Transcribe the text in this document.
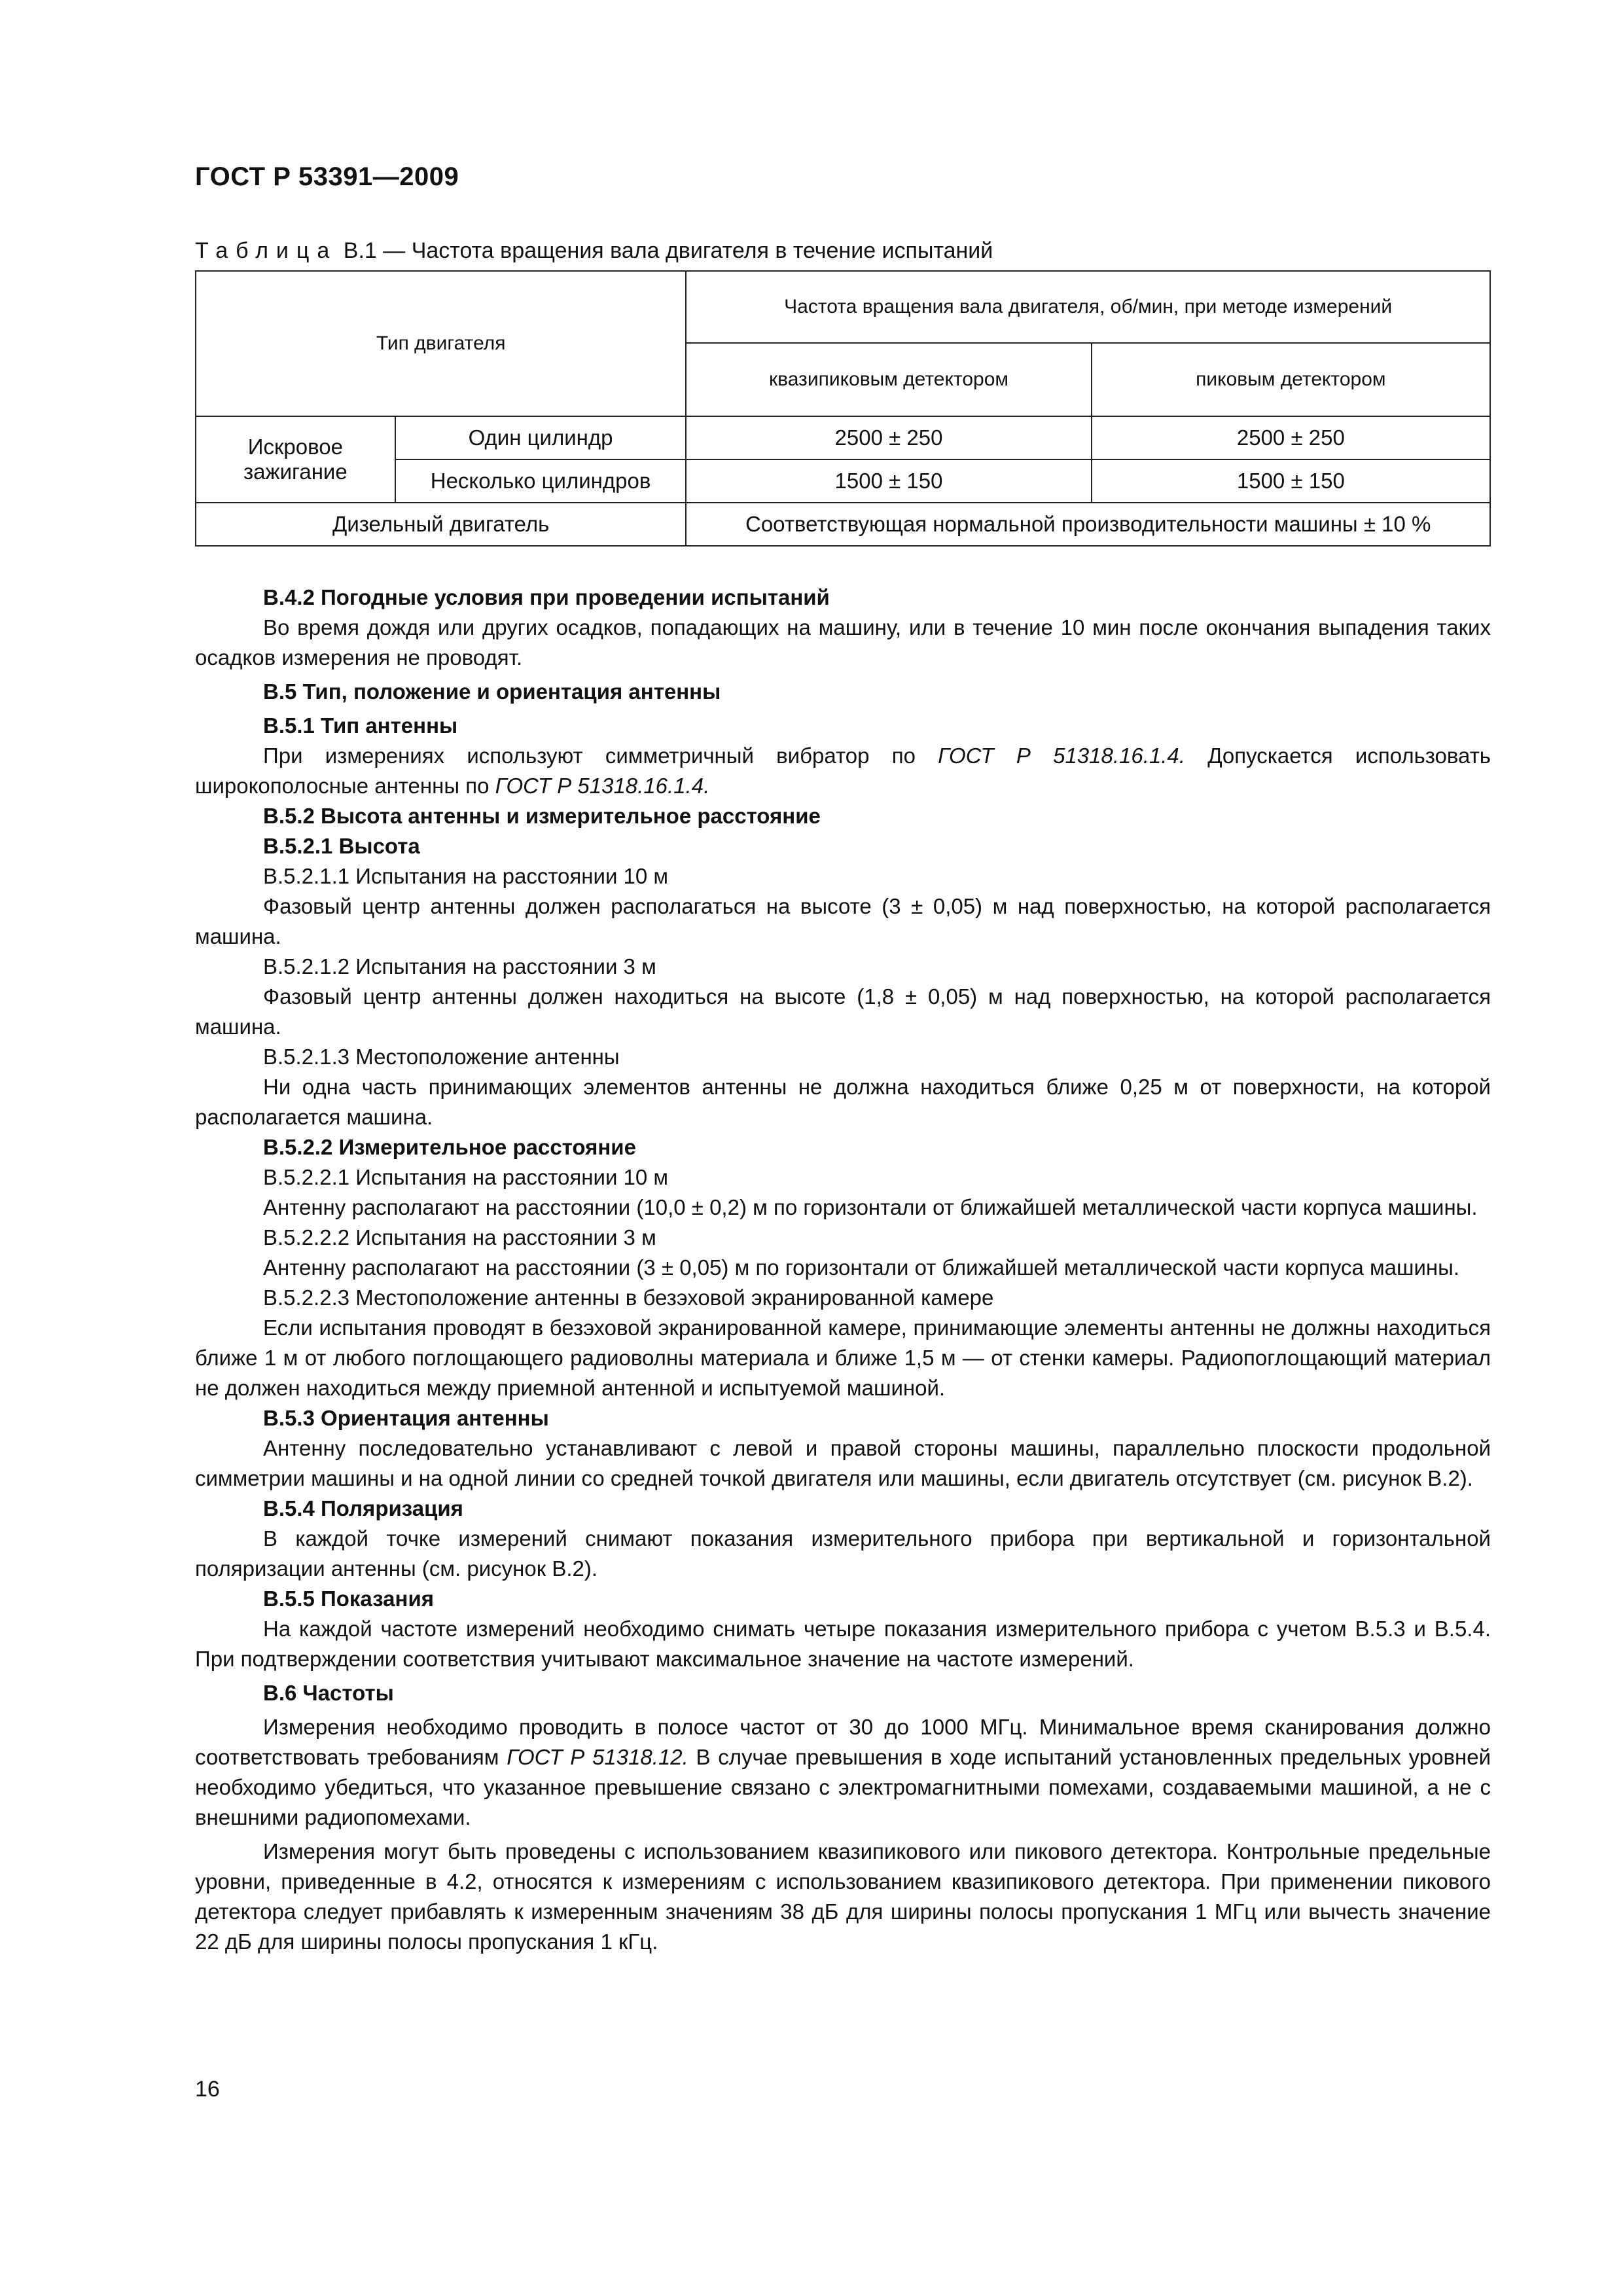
ГОСТ Р 53391—2009
Таблица В.1 — Частота вращения вала двигателя в течение испытаний
Тип двигателя		Частота вращения вала двигателя, об/мин, при методе измерений	
		квазипиковым детектором	пиковым детектором
Искровое зажигание	Один цилиндр	2500 ± 250	2500 ± 250
	Несколько цилиндров	1500 ± 150	1500 ± 150
Дизельный двигатель		Соответствующая нормальной производительности машины ± 10 %	
В.4.2 Погодные условия при проведении испытаний

Во время дождя или других осадков, попадающих на машину, или в течение 10 мин после окончания выпадения таких осадков измерения не проводят.

В.5 Тип, положение и ориентация антенны
В.5.1 Тип антенны

При измерениях используют симметричный вибратор по ГОСТ Р 51318.16.1.4. Допускается использовать широкополосные антенны по ГОСТ Р 51318.16.1.4.

В.5.2 Высота антенны и измерительное расстояние
В.5.2.1 Высота

В.5.2.1.1 Испытания на расстоянии 10 м

Фазовый центр антенны должен располагаться на высоте (3 ± 0,05) м над поверхностью, на которой располагается машина.

В.5.2.1.2 Испытания на расстоянии 3 м

Фазовый центр антенны должен находиться на высоте (1,8 ± 0,05) м над поверхностью, на которой располагается машина.

В.5.2.1.3 Местоположение антенны

Ни одна часть принимающих элементов антенны не должна находиться ближе 0,25 м от поверхности, на которой располагается машина.

В.5.2.2 Измерительное расстояние

В.5.2.2.1 Испытания на расстоянии 10 м

Антенну располагают на расстоянии (10,0 ± 0,2) м по горизонтали от ближайшей металлической части корпуса машины.

В.5.2.2.2 Испытания на расстоянии 3 м

Антенну располагают на расстоянии (3 ± 0,05) м по горизонтали от ближайшей металлической части корпуса машины.

В.5.2.2.3 Местоположение антенны в безэховой экранированной камере

Если испытания проводят в безэховой экранированной камере, принимающие элементы антенны не должны находиться ближе 1 м от любого поглощающего радиоволны материала и ближе 1,5 м — от стенки камеры. Радиопоглощающий материал не должен находиться между приемной антенной и испытуемой машиной.

В.5.3 Ориентация антенны

Антенну последовательно устанавливают с левой и правой стороны машины, параллельно плоскости продольной симметрии машины и на одной линии со средней точкой двигателя или машины, если двигатель отсутствует (см. рисунок В.2).

В.5.4 Поляризация

В каждой точке измерений снимают показания измерительного прибора при вертикальной и горизонтальной поляризации антенны (см. рисунок В.2).

В.5.5 Показания

На каждой частоте измерений необходимо снимать четыре показания измерительного прибора с учетом В.5.3 и В.5.4. При подтверждении соответствия учитывают максимальное значение на частоте измерений.

В.6 Частоты

Измерения необходимо проводить в полосе частот от 30 до 1000 МГц. Минимальное время сканирования должно соответствовать требованиям ГОСТ Р 51318.12. В случае превышения в ходе испытаний установленных предельных уровней необходимо убедиться, что указанное превышение связано с электромагнитными помехами, создаваемыми машиной, а не с внешними радиопомехами.

Измерения могут быть проведены с использованием квазипикового или пикового детектора. Контрольные предельные уровни, приведенные в 4.2, относятся к измерениям с использованием квазипикового детектора. При применении пикового детектора следует прибавлять к измеренным значениям 38 дБ для ширины полосы пропускания 1 МГц или вычесть значение 22 дБ для ширины полосы пропускания 1 кГц.

16
